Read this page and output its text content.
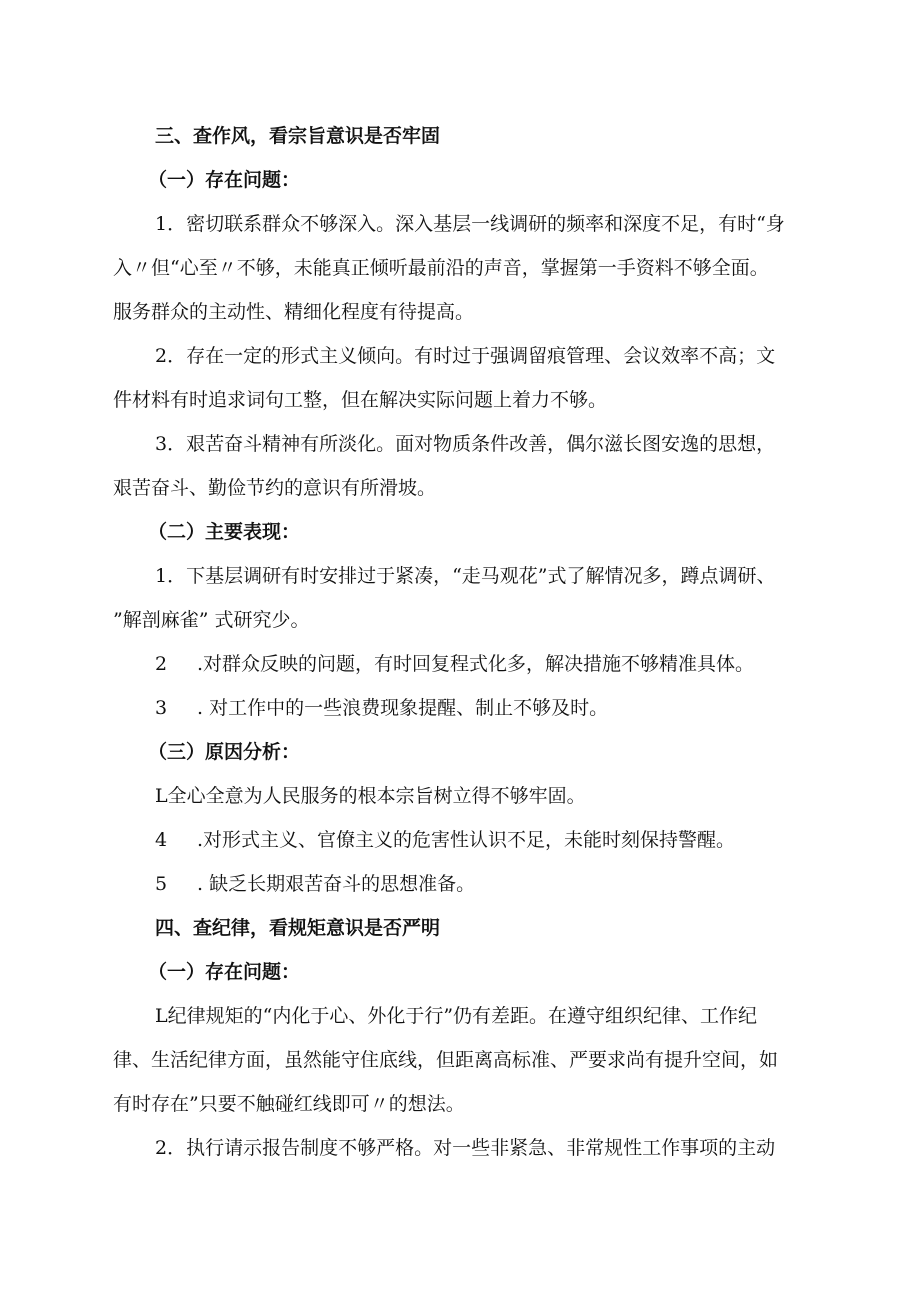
三、查作风，看宗旨意识是否牢固

（一）存在问题：

1．密切联系群众不够深入。深入基层一线调研的频率和深度不足，有时“身

入〃但“心至〃不够，未能真正倾听最前沿的声音，掌握第一手资料不够全面。

服务群众的主动性、精细化程度有待提高。

2．存在一定的形式主义倾向。有时过于强调留痕管理、会议效率不高；文

件材料有时追求词句工整，但在解决实际问题上着力不够。

3．艰苦奋斗精神有所淡化。面对物质条件改善，偶尔滋长图安逸的思想，

艰苦奋斗、勤俭节约的意识有所滑坡。

（二）主要表现：

1．下基层调研有时安排过于紧凑，“走马观花”式了解情况多，蹲点调研、

”解剖麻雀” 式研究少。

2 .对群众反映的问题，有时回复程式化多，解决措施不够精准具体。

3 . 对工作中的一些浪费现象提醒、制止不够及时。

（三）原因分析：

L全心全意为人民服务的根本宗旨树立得不够牢固。

4 .对形式主义、官僚主义的危害性认识不足，未能时刻保持警醒。

5 . 缺乏长期艰苦奋斗的思想准备。

四、查纪律，看规矩意识是否严明

（一）存在问题：

L纪律规矩的“内化于心、外化于行”仍有差距。在遵守组织纪律、工作纪

律、生活纪律方面，虽然能守住底线，但距离高标准、严要求尚有提升空间，如

有时存在”只要不触碰红线即可〃的想法。

2．执行请示报告制度不够严格。对一些非紧急、非常规性工作事项的主动
